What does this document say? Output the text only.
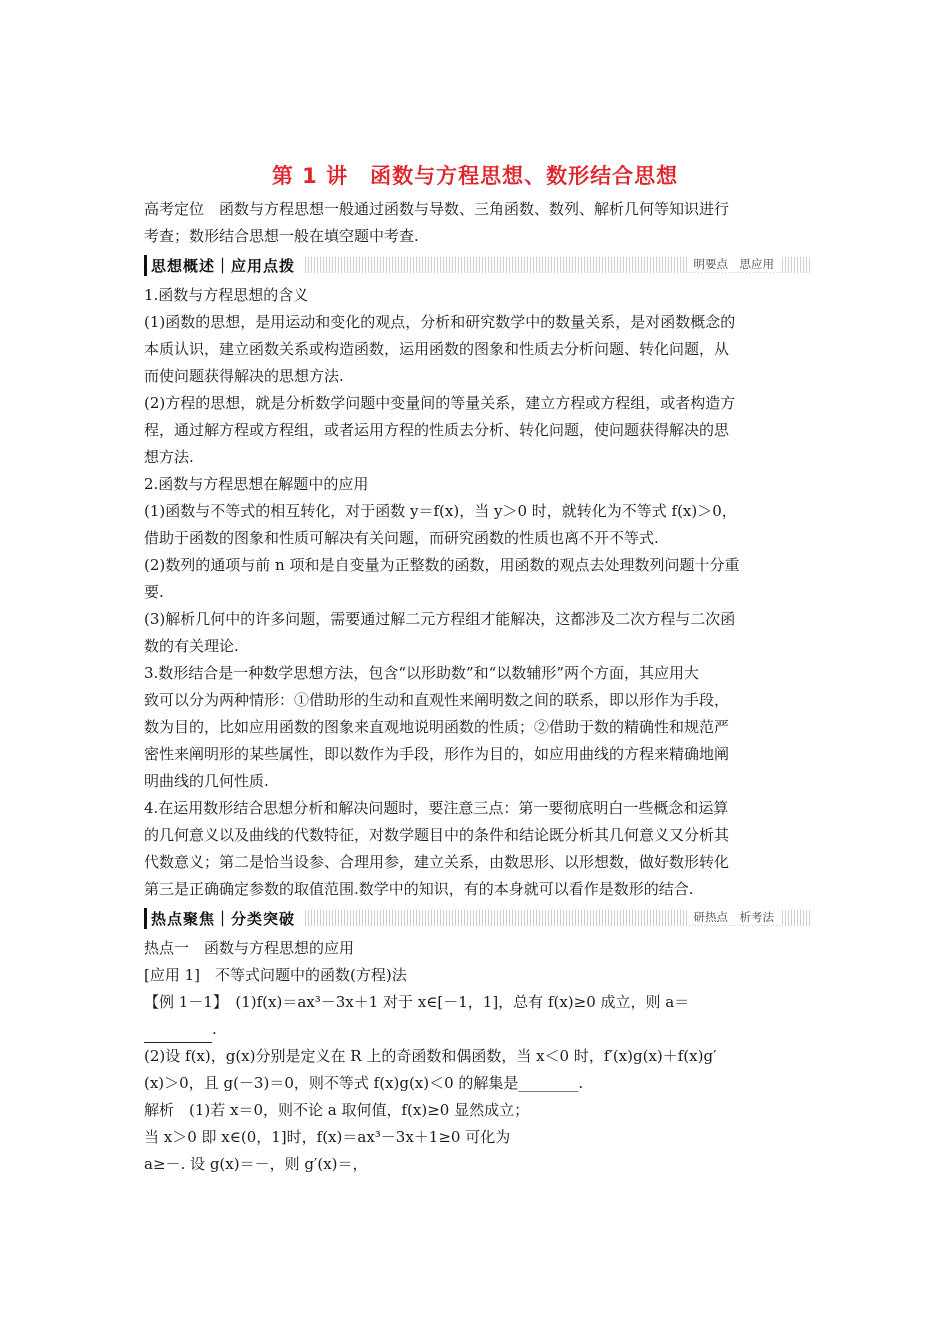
第 1 讲　函数与方程思想、数形结合思想

高考定位　函数与方程思想一般通过函数与导数、三角函数、数列、解析几何等知识进行

考查；数形结合思想一般在填空题中考查.

思想概述｜应用点拨	明要点　思应用

1.函数与方程思想的含义

(1)函数的思想，是用运动和变化的观点，分析和研究数学中的数量关系，是对函数概念的

本质认识，建立函数关系或构造函数，运用函数的图象和性质去分析问题、转化问题，从

而使问题获得解决的思想方法.

(2)方程的思想，就是分析数学问题中变量间的等量关系，建立方程或方程组，或者构造方

程，通过解方程或方程组，或者运用方程的性质去分析、转化问题，使问题获得解决的思

想方法.

2.函数与方程思想在解题中的应用

(1)函数与不等式的相互转化，对于函数 y＝f(x)，当 y＞0 时，就转化为不等式 f(x)＞0，

借助于函数的图象和性质可解决有关问题，而研究函数的性质也离不开不等式.

(2)数列的通项与前 n 项和是自变量为正整数的函数，用函数的观点去处理数列问题十分重

要.

(3)解析几何中的许多问题，需要通过解二元方程组才能解决，这都涉及二次方程与二次函

数的有关理论.

3.数形结合是一种数学思想方法，包含“以形助数”和“以数辅形”两个方面，其应用大

致可以分为两种情形：①借助形的生动和直观性来阐明数之间的联系，即以形作为手段，

数为目的，比如应用函数的图象来直观地说明函数的性质；②借助于数的精确性和规范严

密性来阐明形的某些属性，即以数作为手段，形作为目的，如应用曲线的方程来精确地阐

明曲线的几何性质.

4.在运用数形结合思想分析和解决问题时，要注意三点：第一要彻底明白一些概念和运算

的几何意义以及曲线的代数特征，对数学题目中的条件和结论既分析其几何意义又分析其

代数意义；第二是恰当设参、合理用参，建立关系，由数思形、以形想数，做好数形转化

第三是正确确定参数的取值范围.数学中的知识，有的本身就可以看作是数形的结合.

热点聚焦｜分类突破	研热点　析考法

热点一　函数与方程思想的应用

[应用 1]　不等式问题中的函数(方程)法

【例 1－1】　(1)f(x)＝ax³－3x＋1 对于 x∈[－1，1]，总有 f(x)≥0 成立，则 a＝

.

(2)设 f(x)，g(x)分别是定义在 R 上的奇函数和偶函数，当 x＜0 时，f′(x)g(x)＋f(x)g′

(x)＞0，且 g(－3)＝0，则不等式 f(x)g(x)＜0 的解集是________.

解析　(1)若 x＝0，则不论 a 取何值，f(x)≥0 显然成立；

当 x＞0 即 x∈(0，1]时，f(x)＝ax³－3x＋1≥0 可化为

a≥－. 设 g(x)＝－，则 g′(x)＝，
